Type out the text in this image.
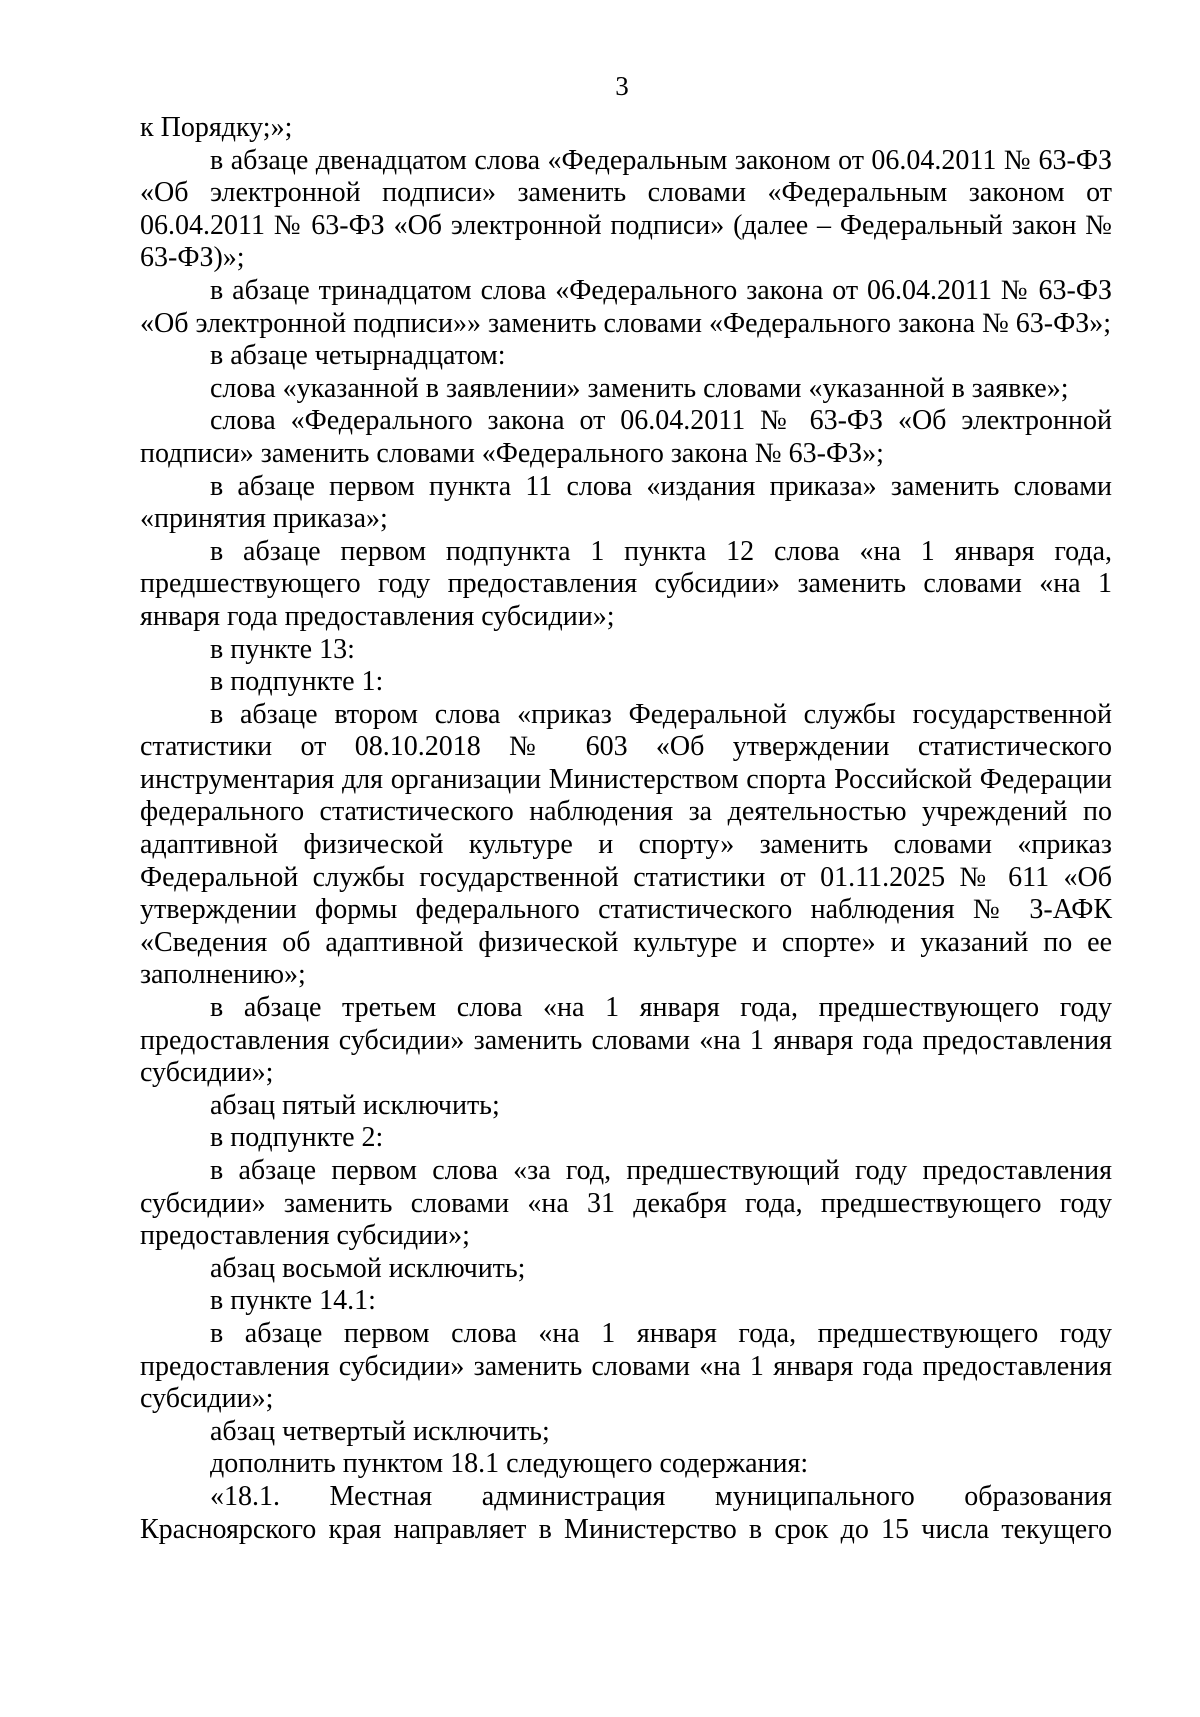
3

к Порядку;»;

в абзаце двенадцатом слова «Федеральным законом от 06.04.2011 № 63-ФЗ «Об электронной подписи» заменить словами «Федеральным законом от 06.04.2011 № 63-ФЗ «Об электронной подписи» (далее – Федеральный закон № 63-ФЗ)»;

в абзаце тринадцатом слова «Федерального закона от 06.04.2011 № 63-ФЗ «Об электронной подписи»» заменить словами «Федерального закона № 63-ФЗ»;

в абзаце четырнадцатом:

слова «указанной в заявлении» заменить словами «указанной в заявке»;

слова «Федерального закона от 06.04.2011 № 63-ФЗ «Об электронной подписи» заменить словами «Федерального закона № 63-ФЗ»;

в абзаце первом пункта 11 слова «издания приказа» заменить словами «принятия приказа»;

в абзаце первом подпункта 1 пункта 12 слова «на 1 января года, предшествующего году предоставления субсидии» заменить словами «на 1 января года предоставления субсидии»;

в пункте 13:

в подпункте 1:

в абзаце втором слова «приказ Федеральной службы государственной статистики от 08.10.2018 № 603 «Об утверждении статистического инструментария для организации Министерством спорта Российской Федерации федерального статистического наблюдения за деятельностью учреждений по адаптивной физической культуре и спорту» заменить словами «приказ Федеральной службы государственной статистики от 01.11.2025 № 611 «Об утверждении формы федерального статистического наблюдения № 3-АФК «Сведения об адаптивной физической культуре и спорте» и указаний по ее заполнению»;

в абзаце третьем слова «на 1 января года, предшествующего году предоставления субсидии» заменить словами «на 1 января года предоставления субсидии»;

абзац пятый исключить;

в подпункте 2:

в абзаце первом слова «за год, предшествующий году предоставления субсидии» заменить словами «на 31 декабря года, предшествующего году предоставления субсидии»;

абзац восьмой исключить;

в пункте 14.1:

в абзаце первом слова «на 1 января года, предшествующего году предоставления субсидии» заменить словами «на 1 января года предоставления субсидии»;

абзац четвертый исключить;

дополнить пунктом 18.1 следующего содержания:

«18.1. Местная администрация муниципального образования Красноярского края направляет в Министерство в срок до 15 числа текущего
